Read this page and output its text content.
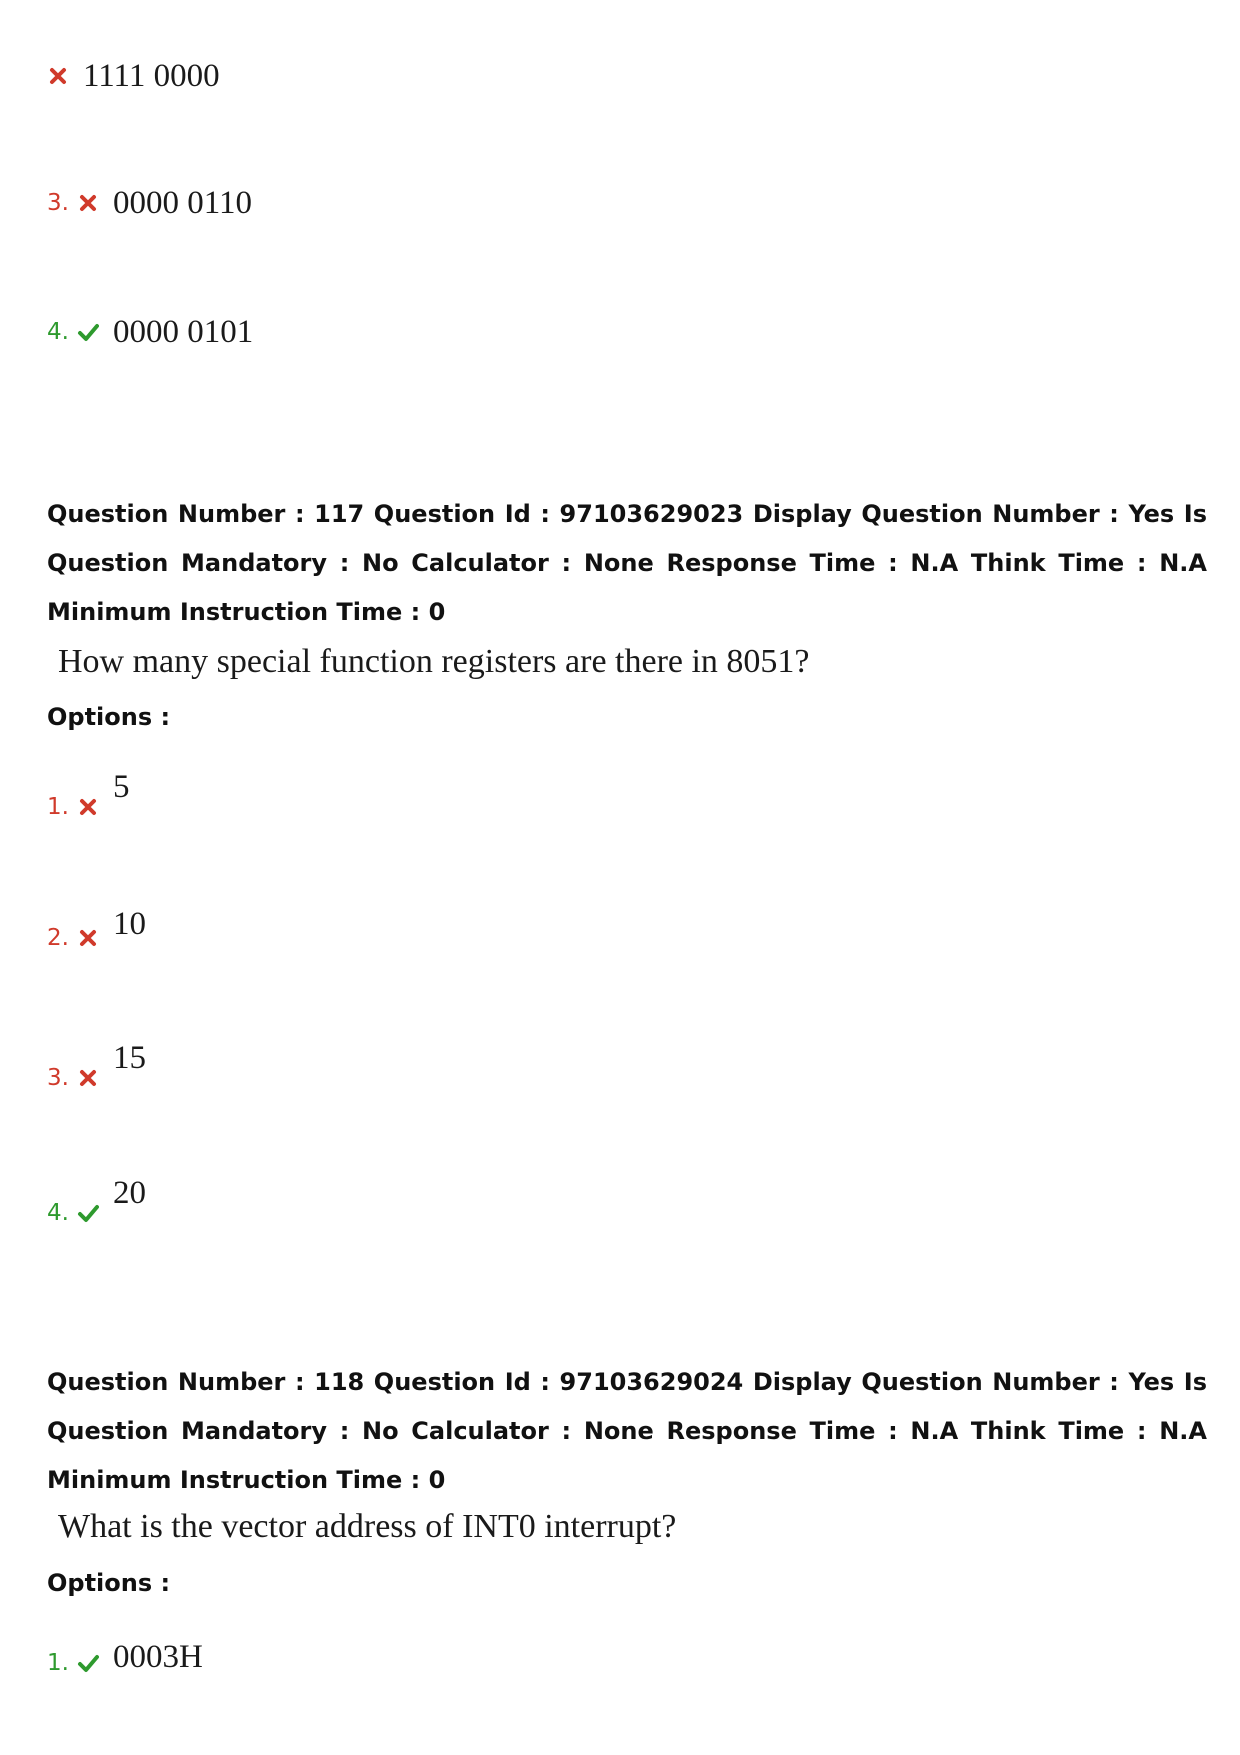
1111 0000
3. 0000 0110
4. 0000 0101
Question Number : 117 Question Id : 97103629023 Display Question Number : Yes Is Question Mandatory : No Calculator : None Response Time : N.A Think Time : N.A Minimum Instruction Time : 0
How many special function registers are there in 8051?
Options :
1.
5
2. 10
3.
15
4.
20
Question Number : 118 Question Id : 97103629024 Display Question Number : Yes Is Question Mandatory : No Calculator : None Response Time : N.A Think Time : N.A Minimum Instruction Time : 0
What is the vector address of INT0 interrupt?
Options :
1. 0003H
